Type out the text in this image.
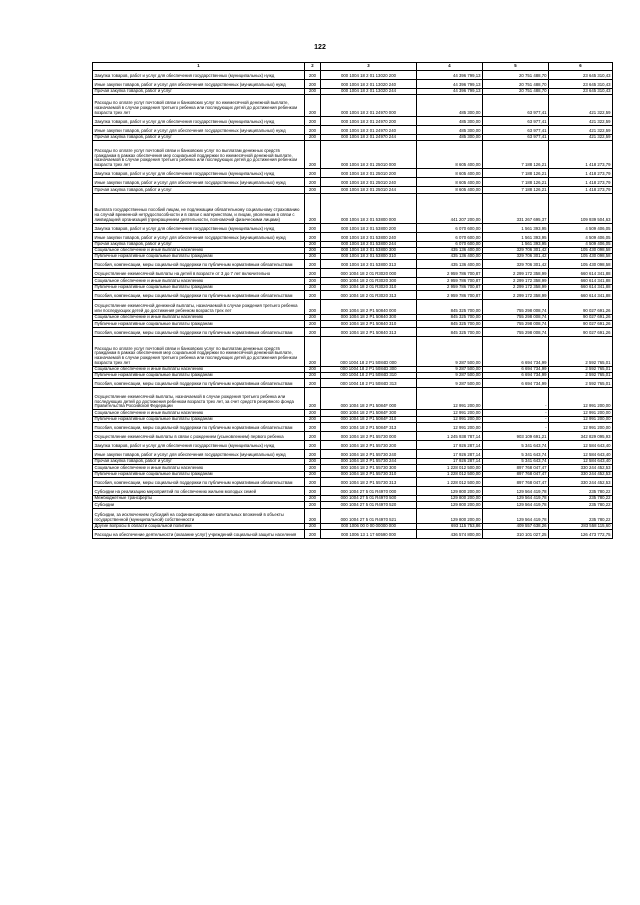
122
1	2	3	4	5	6
Закупка товаров, работ и услуг для обеспечения государственных (муниципальных) нужд	200	000 1004 18 2 01 13020 200	44 396 799,13	20 751 488,70	23 645 310,43
Иные закупки товаров, работ и услуг для обеспечения государственных (муниципальных) нужд	200	000 1004 18 2 01 13020 240	44 396 799,13	20 751 488,70	23 645 310,43
Прочая закупка товаров, работ и услуг	200	000 1004 18 2 01 13020 244	44 396 799,13	20 751 488,70	23 645 310,43
Расходы по оплате услуг почтовой связи и банковских услуг по ежемесячной денежной выплате, назначаемой в случае рождения третьего ребенка или последующих детей до достижения ребенком возраста трех лет	200	000 1004 18 2 01 24970 000	485 300,00	63 977,41	421 322,59
Закупка товаров, работ и услуг для обеспечения государственных (муниципальных) нужд	200	000 1004 18 2 01 24970 200	485 300,00	63 977,41	421 322,59
Иные закупки товаров, работ и услуг для обеспечения государственных (муниципальных) нужд	200	000 1004 18 2 01 24970 240	485 300,00	63 977,41	421 322,59
Прочая закупка товаров, работ и услуг	200	000 1004 18 2 01 24970 244	485 300,00	63 977,41	421 322,59
Расходы по оплате услуг почтовой связи и банковских услуг по выплатам денежных средств гражданам в рамках обеспечения мер социальной поддержки по ежемесячной денежной выплате, назначаемой в случае рождения третьего ребенка или последующих детей до достижения ребенком возраста трех лет	200	000 1004 18 2 01 25010 000	8 605 400,00	7 188 126,21	1 418 273,79
Закупка товаров, работ и услуг для обеспечения государственных (муниципальных) нужд	200	000 1004 18 2 01 25010 200	8 605 400,00	7 188 126,21	1 418 273,79
Иные закупки товаров, работ и услуг для обеспечения государственных (муниципальных) нужд	200	000 1004 18 2 01 25010 240	8 605 400,00	7 188 126,21	1 418 273,79
Прочая закупка товаров, работ и услуг	200	000 1004 18 2 01 25010 244	8 605 400,00	7 188 126,21	1 418 273,79
Выплата государственных пособий лицам, не подлежащим обязательному социальному страхованию на случай временной нетрудоспособности и в связи с материнством, и лицам, уволенным в связи с ликвидацией организаций (прекращением деятельности, полномочий физическими лицами)	200	000 1004 18 2 01 53800 000	441 207 200,00	331 267 695,37	109 939 504,63
Закупка товаров, работ и услуг для обеспечения государственных (муниципальных) нужд	200	000 1004 18 2 01 53800 200	6 070 600,00	1 561 393,95	4 509 406,05
Иные закупки товаров, работ и услуг для обеспечения государственных (муниципальных) нужд	200	000 1004 18 2 01 53800 240	6 070 600,00	1 561 393,95	4 509 406,05
Прочая закупка товаров, работ и услуг	200	000 1004 18 2 01 53800 244	6 070 600,00	1 561 393,95	4 509 406,05
Социальное обеспечение и иные выплаты населению	200	000 1004 18 2 01 53800 300	435 136 400,00	329 706 301,42	105 430 098,58
Публичные нормативные социальные выплаты гражданам	200	000 1004 18 2 01 53800 310	435 136 400,00	329 706 301,42	105 430 098,58
Пособия, компенсации, меры социальной поддержки по публичным нормативным обязательствам	200	000 1004 18 2 01 53800 313	435 136 400,00	329 706 301,42	105 430 098,58
Осуществление ежемесячной выплаты на детей в возрасте от 3 до 7 лет включительно	200	000 1004 18 2 01 R3020 000	2 959 786 700,87	2 299 172 358,99	660 614 341,88
Социальное обеспечение и иные выплаты населению	200	000 1004 18 2 01 R3020 300	2 959 786 700,87	2 299 172 358,99	660 614 341,88
Публичные нормативные социальные выплаты гражданам	200	000 1004 18 2 01 R3020 310	2 959 786 700,87	2 299 172 358,99	660 614 341,88
Пособия, компенсации, меры социальной поддержки по публичным нормативным обязательствам	200	000 1004 18 2 01 R3020 313	2 959 786 700,87	2 299 172 358,99	660 614 341,88
Осуществление ежемесячной денежной выплаты, назначаемой в случае рождения третьего ребенка или последующих детей до достижения ребенком возраста трех лет	200	000 1004 18 2 P1 50840 000	845 325 700,00	755 298 008,74	90 027 691,26
Социальное обеспечение и иные выплаты населению	200	000 1004 18 2 P1 50840 300	845 325 700,00	755 298 008,74	90 027 691,26
Публичные нормативные социальные выплаты гражданам	200	000 1004 18 2 P1 50840 310	845 325 700,00	755 298 008,74	90 027 691,26
Пособия, компенсации, меры социальной поддержки по публичным нормативным обязательствам	200	000 1004 18 2 P1 50840 313	845 325 700,00	755 298 008,74	90 027 691,26
Расходы по оплате услуг почтовой связи и банковских услуг по выплатам денежных средств гражданам в рамках обеспечения мер социальной поддержки по ежемесячной денежной выплате, назначаемой в случае рождения третьего ребенка или последующих детей до достижения ребенком возраста трех лет	200	000 1004 18 2 P1 5084D 000	9 287 500,00	6 694 734,99	2 592 765,01
Социальное обеспечение и иные выплаты населению	200	000 1004 18 2 P1 5084D 300	9 287 500,00	6 694 734,99	2 592 765,01
Публичные нормативные социальные выплаты гражданам	200	000 1004 18 2 P1 5084D 310	9 287 500,00	6 694 734,99	2 592 765,01
Пособия, компенсации, меры социальной поддержки по публичным нормативным обязательствам	200	000 1004 18 2 P1 5084D 313	9 287 500,00	6 694 734,99	2 592 765,01
Осуществление ежемесячной выплаты, назначаемой в случае рождения третьего ребенка или последующих детей до достижения ребенком возраста трех лет, за счет средств резервного фонда Правительства Российской Федерации	200	000 1004 18 2 P1 5084F 000	12 991 200,00	-	12 991 200,00
Социальное обеспечение и иные выплаты населению	200	000 1004 18 2 P1 5084F 300	12 991 200,00	-	12 991 200,00
Публичные нормативные социальные выплаты гражданам	200	000 1004 18 2 P1 5084F 310	12 991 200,00	-	12 991 200,00
Пособия, компенсации, меры социальной поддержки по публичным нормативным обязательствам	200	000 1004 18 2 P1 5084F 313	12 991 200,00	-	12 991 200,00
Осуществление ежемесячной выплаты в связи с рождением (усыновлением) первого ребенка	200	000 1004 18 2 P1 55730 000	1 245 938 787,14	903 109 691,21	342 829 095,93
Закупка товаров, работ и услуг для обеспечения государственных (муниципальных) нужд	200	000 1004 18 2 P1 55730 200	17 926 287,14	5 341 643,74	12 584 643,40
Иные закупки товаров, работ и услуг для обеспечения государственных (муниципальных) нужд	200	000 1004 18 2 P1 55730 240	17 926 287,14	5 341 643,74	12 584 643,40
Прочая закупка товаров, работ и услуг	200	000 1004 18 2 P1 55730 244	17 926 287,14	5 341 643,74	12 584 643,40
Социальное обеспечение и иные выплаты населению	200	000 1004 18 2 P1 55730 300	1 228 012 500,00	897 768 047,47	330 244 452,53
Публичные нормативные социальные выплаты гражданам	200	000 1004 18 2 P1 55730 310	1 228 012 500,00	897 768 047,47	330 244 452,53
Пособия, компенсации, меры социальной поддержки по публичным нормативным обязательствам	200	000 1004 18 2 P1 55730 313	1 228 012 500,00	897 768 047,47	330 244 452,53
Субсидии на реализацию мероприятий по обеспечению жильем молодых семей	200	000 1004 27 5 01 R4970 000	129 800 200,00	129 564 419,78	235 780,22
Межбюджетные трансферты	200	000 1004 27 5 01 R4970 500	129 800 200,00	129 564 419,78	235 780,22
Субсидии	200	000 1004 27 5 01 R4970 520	129 800 200,00	129 564 419,78	235 780,22
Субсидии, за исключением субсидий на софинансирование капитальных вложений в объекты государственной (муниципальной) собственности	200	000 1004 27 5 01 R4970 521	129 800 200,00	129 564 419,78	235 780,22
Другие вопросы в области социальной политики	200	000 1006 00 0 00 00000 000	693 115 753,86	409 557 638,26	283 558 115,60
Расходы на обеспечение деятельности (оказание услуг) учреждений социальной защиты населения	200	000 1006 13 1 17 60590 000	436 574 800,00	310 101 027,25	126 473 772,75
